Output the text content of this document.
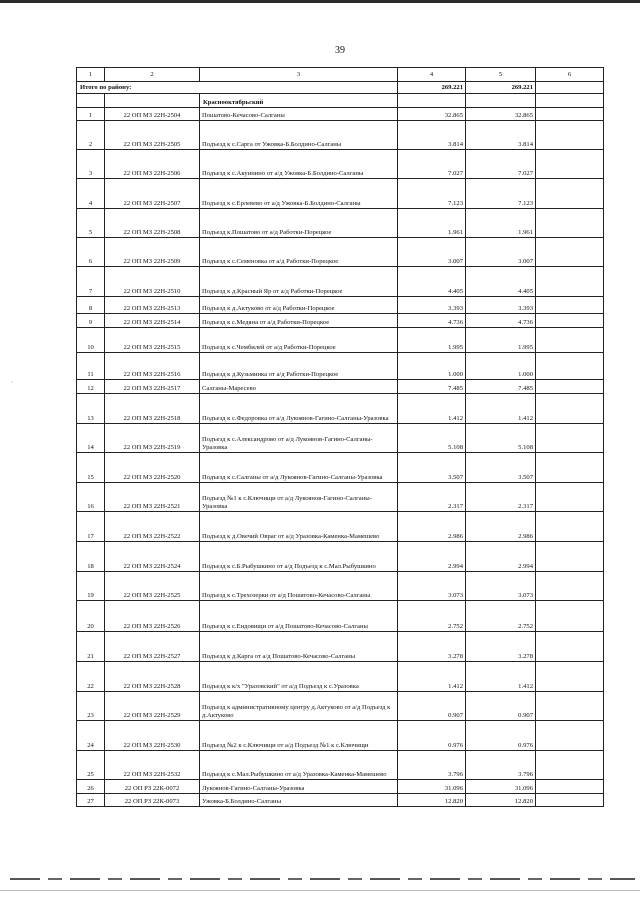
·
39
1	2	3	4	5	6
Итого по району:			269.221	269.221	
		Краснооктябрьский			
1	22 ОП МЗ 22Н-2504	Пошатово-Кечасово-Салганы	32.865	32.865	
2	22 ОП МЗ 22Н-2505	Подъезд к с.Сарга от Ужовка-Б.Болдино-Салганы	3.814	3.814	
3	22 ОП МЗ 22Н-2506	Подъезд к с.Акуинино от а/д Ужовка-Б.Болдино-Салганы	7.027	7.027	
4	22 ОП МЗ 22Н-2507	Подъезд к с.Ерлевево от а/д Ужовка-Б.Болдино-Салганы	7.123	7.123	
5	22 ОП МЗ 22Н-2508	Подъезд к.Пошатово от а/д Работки-Порецкое	1.961	1.961	
6	22 ОП МЗ 22Н-2509	Подъезд к с.Семеновка от а/д Работки-Порецкое	3.007	3.007	
7	22 ОП МЗ 22Н-2510	Подъезд к д.Красный Яр от а/д Работки-Порецкое	4.405	4.405	
8	22 ОП МЗ 22Н-2513	Подъезд к д.Актуково от а/д Работки-Порецкое	3.393	3.393	
9	22 ОП МЗ 22Н-2514	Подъезд к с.Медяна от а/д Работки-Порецкое	4.736	4.736	
10	22 ОП МЗ 22Н-2515	Подъезд к с.Чембилей от а/д Работки-Порецкое	1.995	1.995	
11	22 ОП МЗ 22Н-2516	Подъезд к д.Кузьминка от а/д Работки-Порецкое	1.000	1.000	
12	22 ОП МЗ 22Н-2517	Салганы-Маресево	7.485	7.485	
13	22 ОП МЗ 22Н-2518	Подъезд к с.Федоровка от а/д Лукоянов-Гагино-Салганы-Уразовка	1.412	1.412	
14	22 ОП МЗ 22Н-2519	Подъезд к с.Александрово от а/д Лукоянов-Гагино-Салганы-Уразовка	5.108	5.108	
15	22 ОП МЗ 22Н-2520	Подъезд к с.Салганы от а/д Лукоянов-Гагино-Салганы-Уразовка	3.507	3.507	
16	22 ОП МЗ 22Н-2521	Подъезд №1 к с.Ключищи от а/д Лукоянов-Гагино-Салганы-Уразовка	2.317	2.317	
17	22 ОП МЗ 22Н-2522	Подъезд к д.Овечий Овраг от а/д Уразовка-Каменка-Мамешево	2.986	2.986	
18	22 ОП МЗ 22Н-2524	Подъезд к с.Б.Рыбушкино от а/д Подъезд к с.Мал.Рыбушкино	2.994	2.994	
19	22 ОП МЗ 22Н-2525	Подъезд к с.Трехозерки от а/д Пошатово-Кечасово-Салганы	3.073	3.073	
20	22 ОП МЗ 22Н-2526	Подъезд к с.Ендовищи от а/д Пошатово-Кечасово-Салганы	2.752	2.752	
21	22 ОП МЗ 22Н-2527	Подъезд к д.Карга от а/д Пошатово-Кечасово-Салганы	3.278	3.278	
22	22 ОП МЗ 22Н-2528	Подъезд к к/х "Уразовский" от а/д Подъезд к с.Уразовка	1.412	1.412	
23	22 ОП МЗ 22Н-2529	Подъезд к административному центру д.Актуково от а/д Подъезд к д.Актуково	0.907	0.907	
24	22 ОП МЗ 22Н-2530	Подъезд №2 к с.Ключищи от а/д Подъезд №1 к с.Ключищи	0.976	0.976	
25	22 ОП МЗ 22Н-2532	Подъезд к с.Мал.Рыбушкино от а/д Уразовка-Каменка-Мамешево	3.796	3.796	
26	22 ОП РЗ 22К-0072	Лукоянов-Гагино-Салганы-Уразовка	31.096	31.096	
27	22 ОП РЗ 22К-0073	Ужовка-Б.Болдино-Салганы	12.820	12.820	
